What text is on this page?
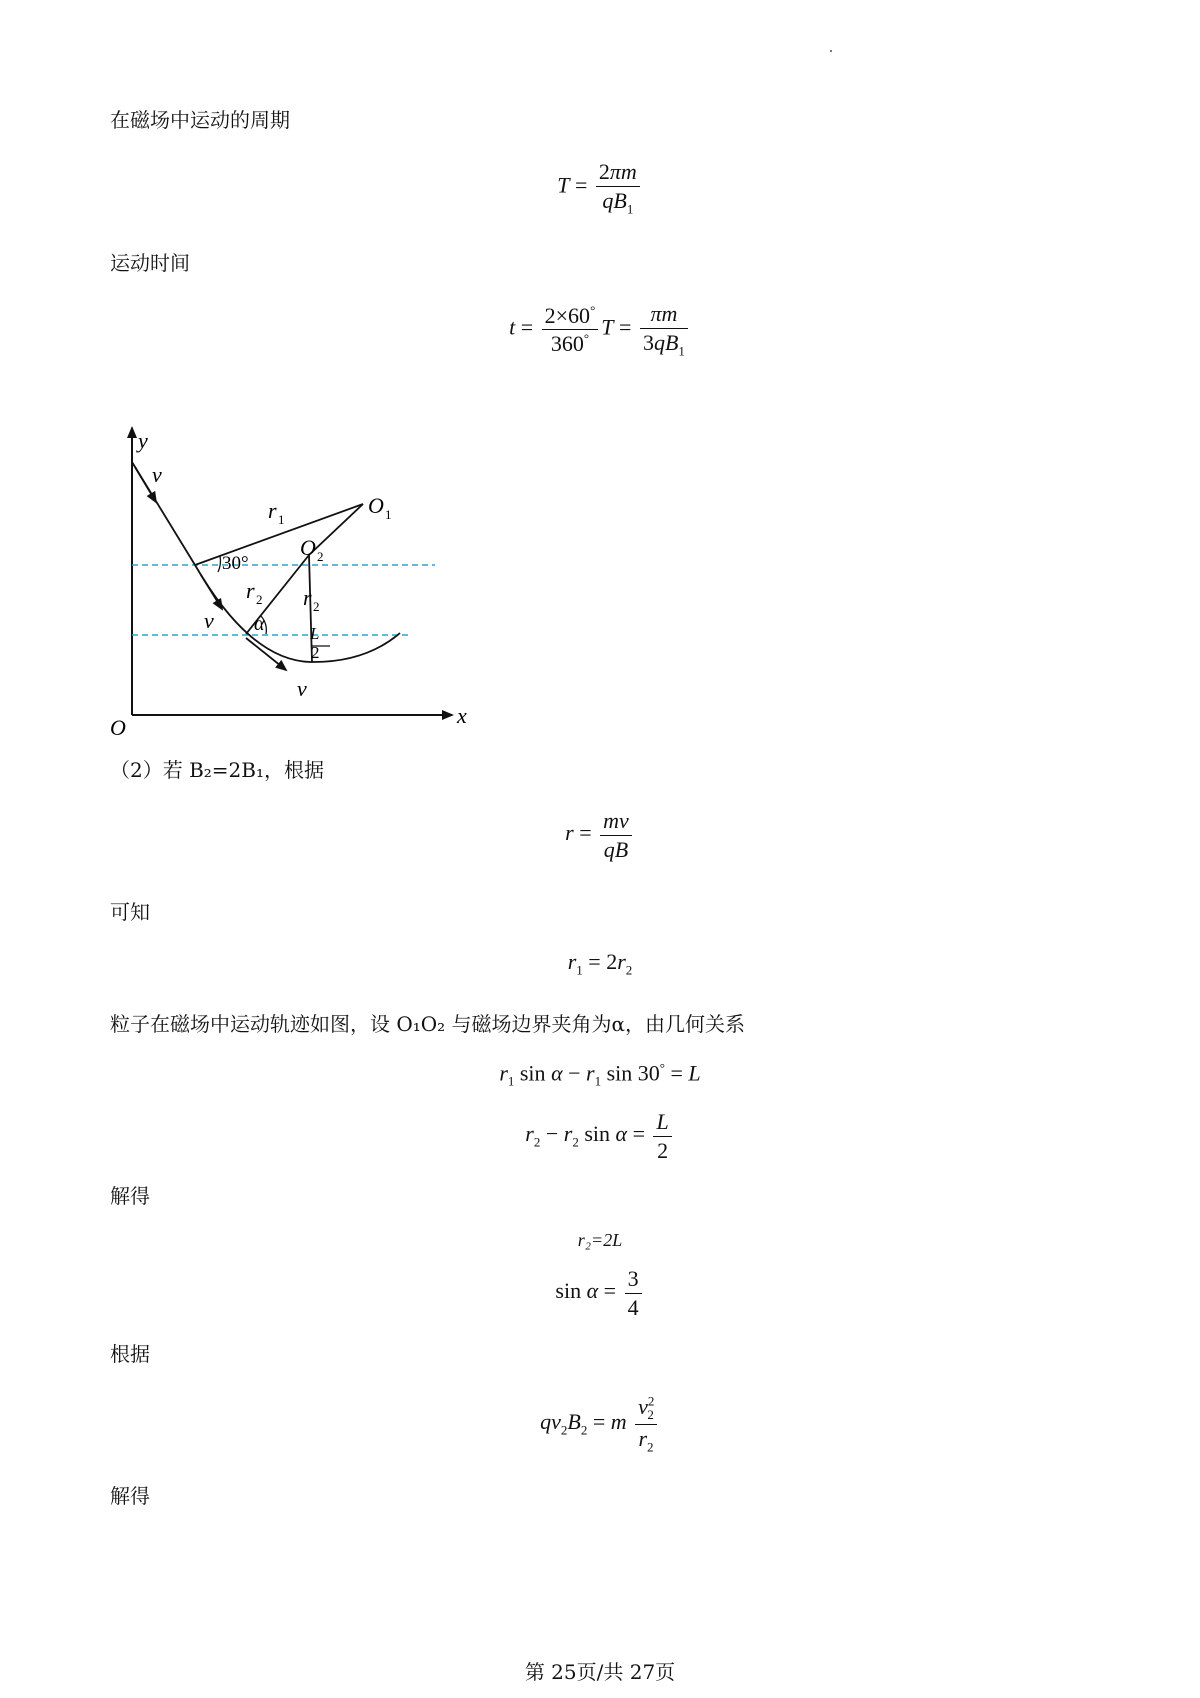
在磁场中运动的周期
$T = \frac{2\pi m}{qB_1}$
运动时间
$t = \frac{2\times 60^\circ}{360^\circ}$ $T = \frac{\pi m}{3qB_1}$
y
x
O
v
v
v
r 1
O 1
O 2
30°
r 2 r 2
α	L
2
（2）若 B₂=2B₁，根据
$r = \frac{mv}{qB}$
可知
$r_1 = 2r_2$
粒子在磁场中运动轨迹如图，设 O₁O₂ 与磁场边界夹角为α，由几何关系
$r_1$ $\sin \alpha - r_1$ sin 30° = L
$r_2 - r_2$ $\sin \alpha = \frac{L}{2}$
解得
r₂=2L
$\sin \alpha = \frac{3}{4}$
根据
$qv_2B_2 = m \frac{v^2_2}{r_2}$
解得
第 25页/共 27页
